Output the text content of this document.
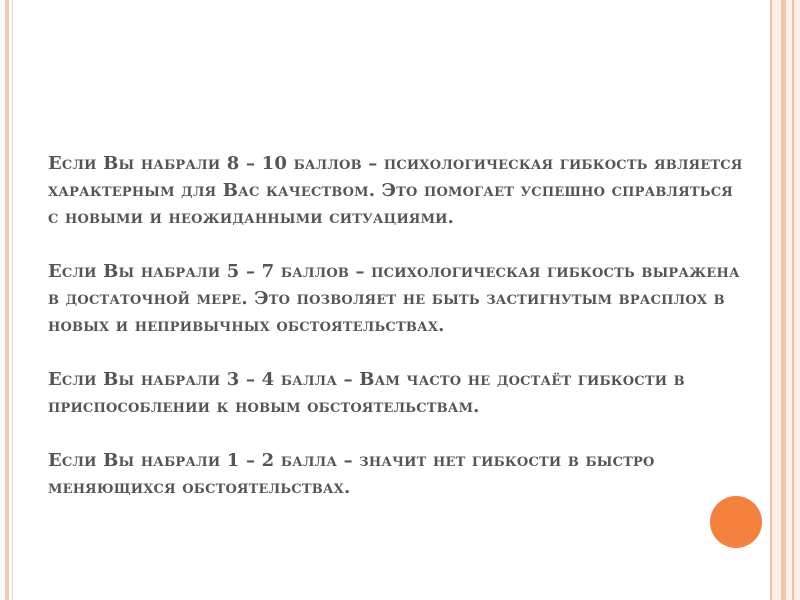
Если Вы набрали 8 – 10 баллов – психологическая гибкость является характерным для Вас качеством. Это помогает успешно справляться с новыми и неожиданными ситуациями.

Если Вы набрали 5 – 7 баллов – психологическая гибкость выражена в достаточной мере. Это позволяет не быть застигнутым врасплох в новых и непривычных обстоятельствах.

Если Вы набрали 3 – 4 балла – Вам часто не достаёт гибкости в приспособлении к новым обстоятельствам.

Если Вы набрали 1 – 2 балла – значит нет гибкости в быстро меняющихся обстоятельствах.
